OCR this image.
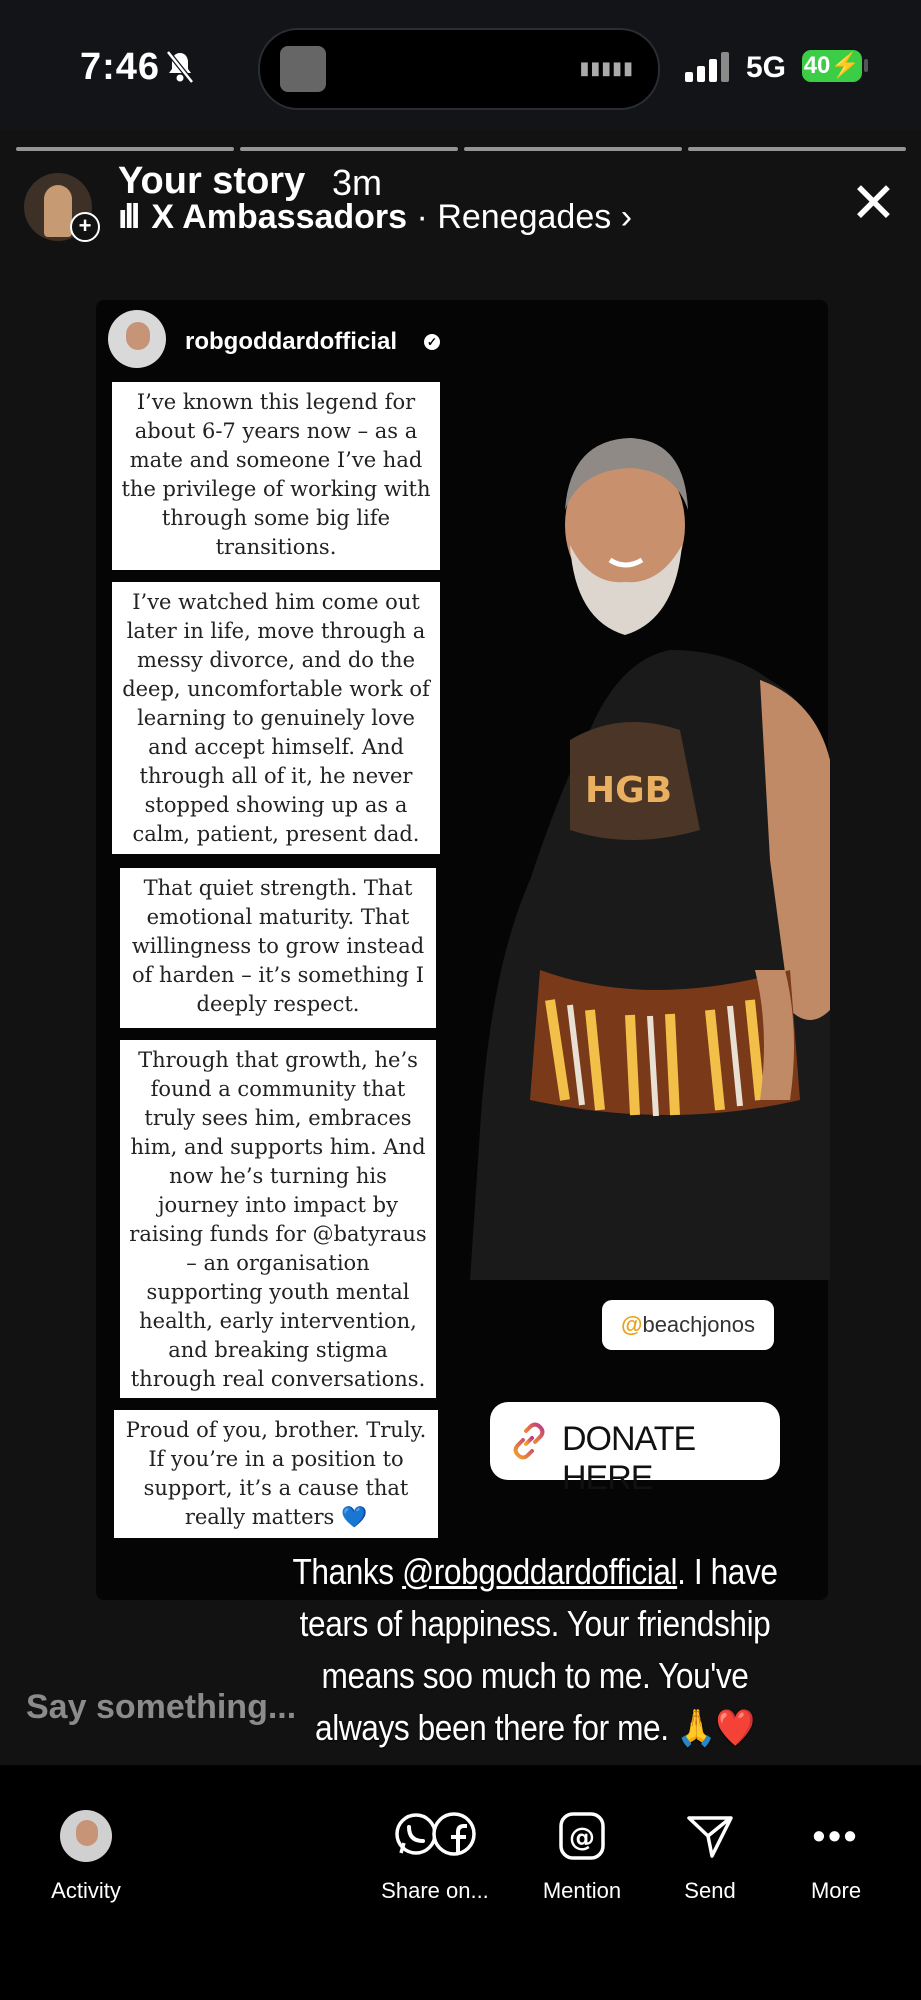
7:46	▮▮▮▮▮	5G 40⚡
+
Your story 3m
ıll X Ambassadors · Renegades ›	✕
HGB
robgoddardofficial ✓
I’ve known this legend for about 6-7 years now – as a mate and someone I’ve had the privilege of working with through some big life transitions.
I’ve watched him come out later in life, move through a messy divorce, and do the deep, uncomfortable work of learning to genuinely love and accept himself. And through all of it, he never stopped showing up as a calm, patient, present dad.
That quiet strength. That emotional maturity. That willingness to grow instead of harden – it’s something I deeply respect.
Through that growth, he’s found a community that truly sees him, embraces him, and supports him. And now he’s turning his journey into impact by raising funds for @batyraus – an organisation supporting youth mental health, early intervention, and breaking stigma through real conversations.
Proud of you, brother. Truly. If you’re in a position to support, it’s a cause that really matters 💙
@beachjonos
DONATE HERE
Thanks @robgoddardofficial. I have tears of happiness. Your friendship means soo much to me. You've always been there for me. 🙏❤️
Say something...
Activity	Share on...
@
Mention	Send
•••
More
